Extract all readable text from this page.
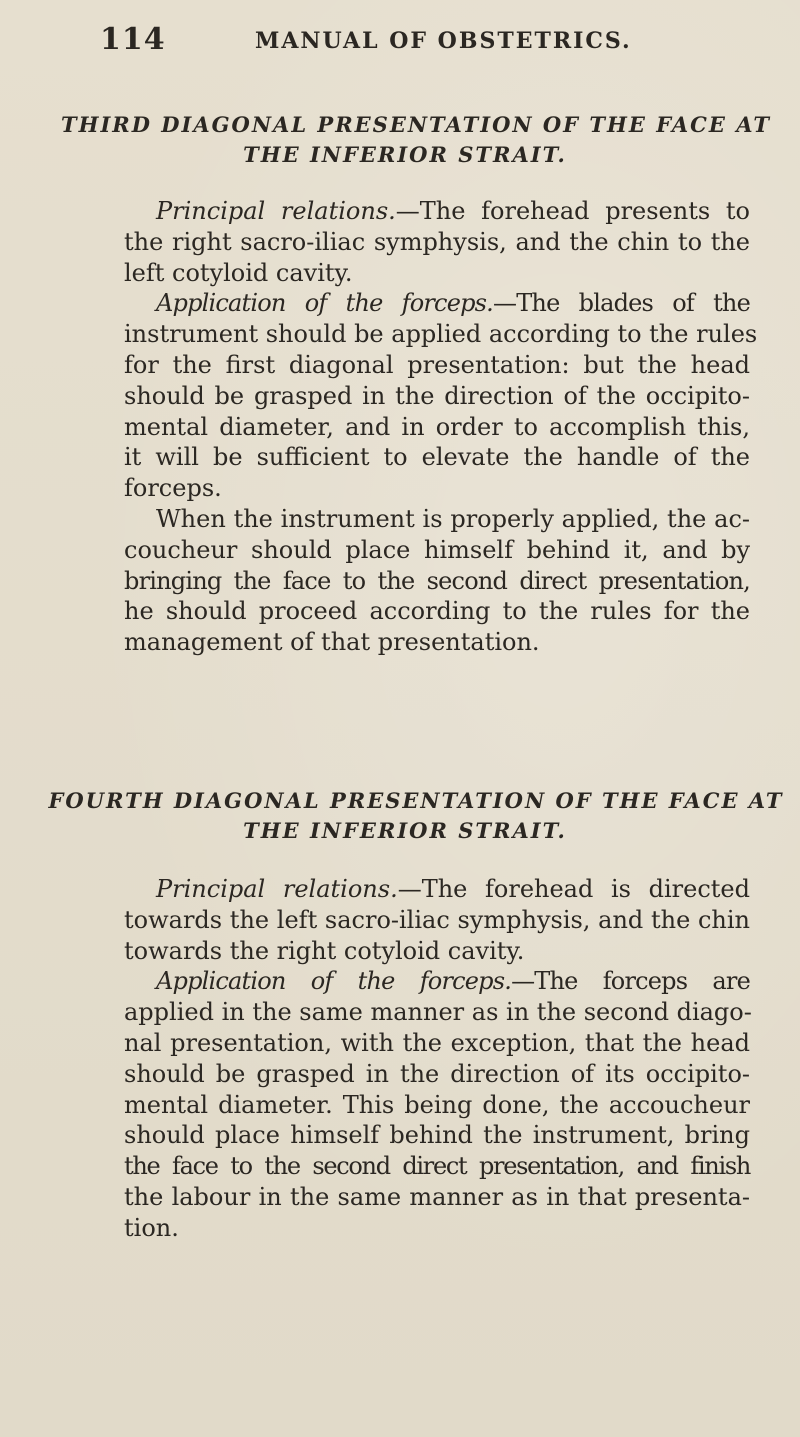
114	MANUAL OF OBSTETRICS.
THIRD DIAGONAL PRESENTATION OF THE FACE AT
THE INFERIOR STRAIT.
Principal relations.—The forehead presents to
the right sacro-iliac symphysis, and the chin to the
left cotyloid cavity.
Application of the forceps.—The blades of the
instrument should be applied according to the rules
for the first diagonal presentation: but the head
should be grasped in the direction of the occipito-
mental diameter, and in order to accomplish this,
it will be sufficient to elevate the handle of the
forceps.
When the instrument is properly applied, the ac-
coucheur should place himself behind it, and by
bringing the face to the second direct presentation,
he should proceed according to the rules for the
management of that presentation.
FOURTH DIAGONAL PRESENTATION OF THE FACE AT
THE INFERIOR STRAIT.
Principal relations.—The forehead is directed
towards the left sacro-iliac symphysis, and the chin
towards the right cotyloid cavity.
Application of the forceps.—The forceps are
applied in the same manner as in the second diago-
nal presentation, with the exception, that the head
should be grasped in the direction of its occipito-
mental diameter. This being done, the accoucheur
should place himself behind the instrument, bring
the face to the second direct presentation, and finish
the labour in the same manner as in that presenta-
tion.
